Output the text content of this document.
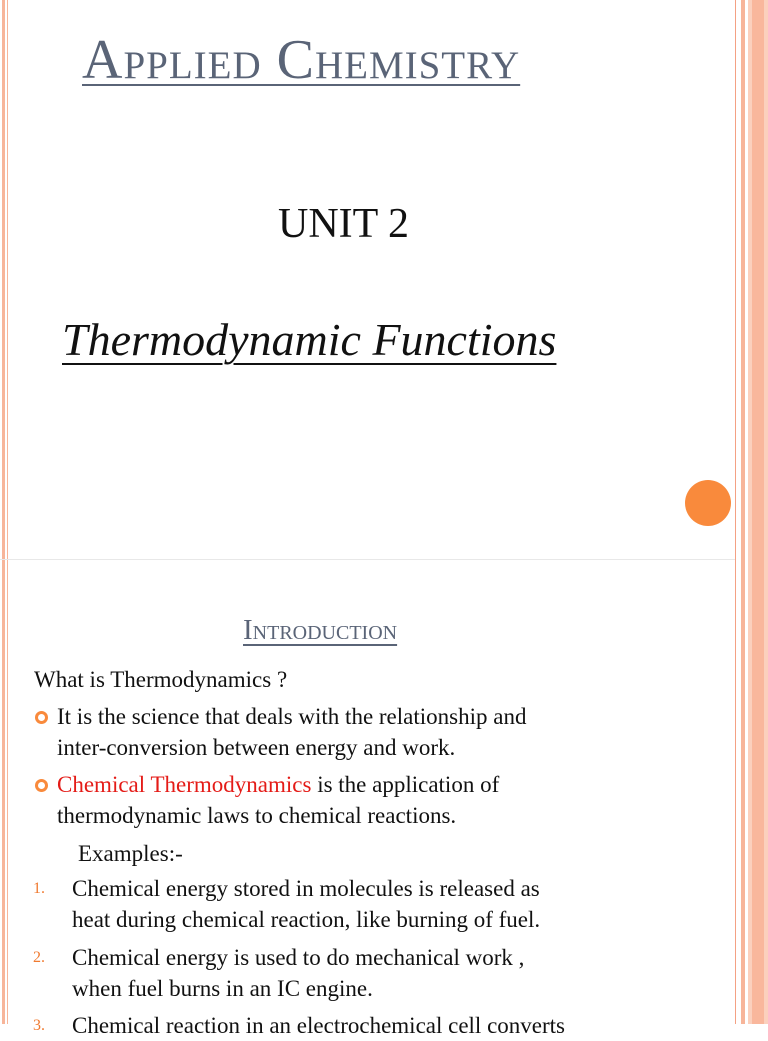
Applied Chemistry
UNIT 2
Thermodynamic Functions
Introduction
What is Thermodynamics ?
It is the science that deals with the relationship and
inter-conversion between energy and work.
Chemical Thermodynamics is the application of
thermodynamic laws to chemical reactions.
Examples:-
1. Chemical energy stored in molecules is released as
heat during chemical reaction, like burning of fuel.
2. Chemical energy is used to do mechanical work ,
when fuel burns in an IC engine.
3. Chemical reaction in an electrochemical cell converts
